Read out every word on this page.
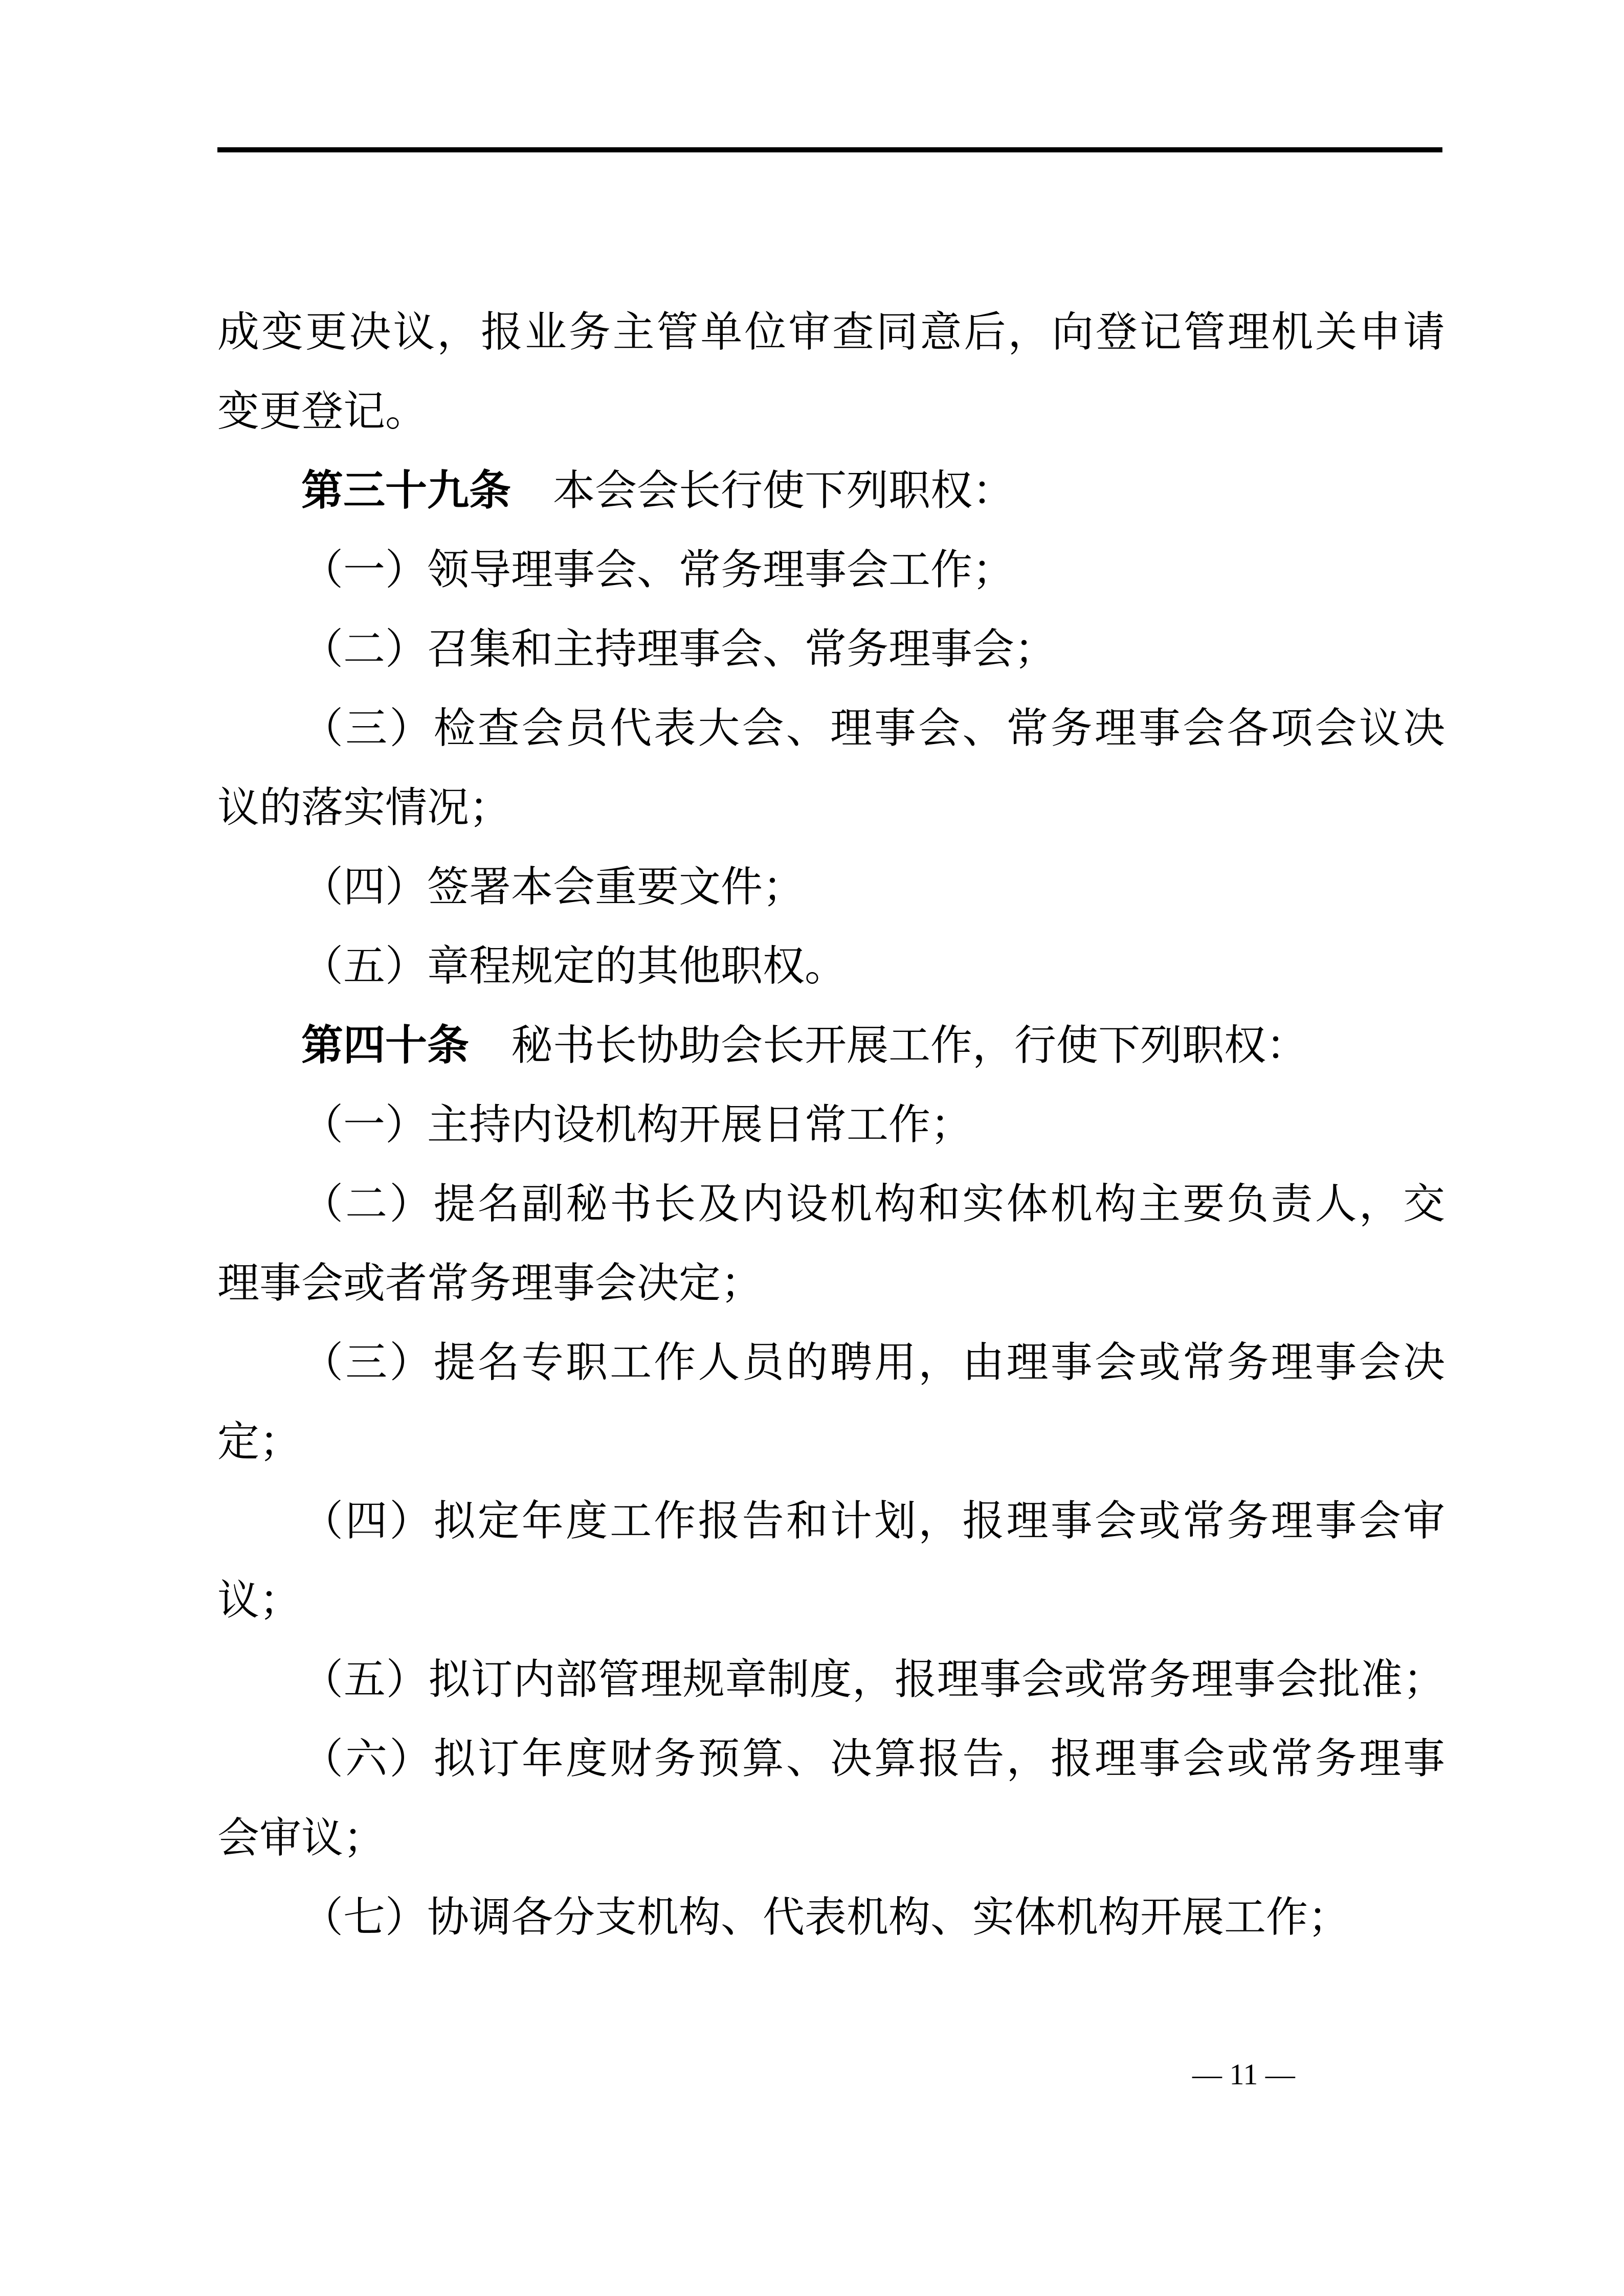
成变更决议，报业务主管单位审查同意后，向登记管理机关申请
变更登记。
第三十九条　本会会长行使下列职权：
（一）领导理事会、常务理事会工作；
（二）召集和主持理事会、常务理事会；
（三）检查会员代表大会、理事会、常务理事会各项会议决
议的落实情况；
（四）签署本会重要文件；
（五）章程规定的其他职权。
第四十条　秘书长协助会长开展工作，行使下列职权：
（一）主持内设机构开展日常工作；
（二）提名副秘书长及内设机构和实体机构主要负责人，交
理事会或者常务理事会决定；
（三）提名专职工作人员的聘用，由理事会或常务理事会决
定；
（四）拟定年度工作报告和计划，报理事会或常务理事会审
议；
（五）拟订内部管理规章制度，报理事会或常务理事会批准；
（六）拟订年度财务预算、决算报告，报理事会或常务理事
会审议；
（七）协调各分支机构、代表机构、实体机构开展工作；
— 11 —
